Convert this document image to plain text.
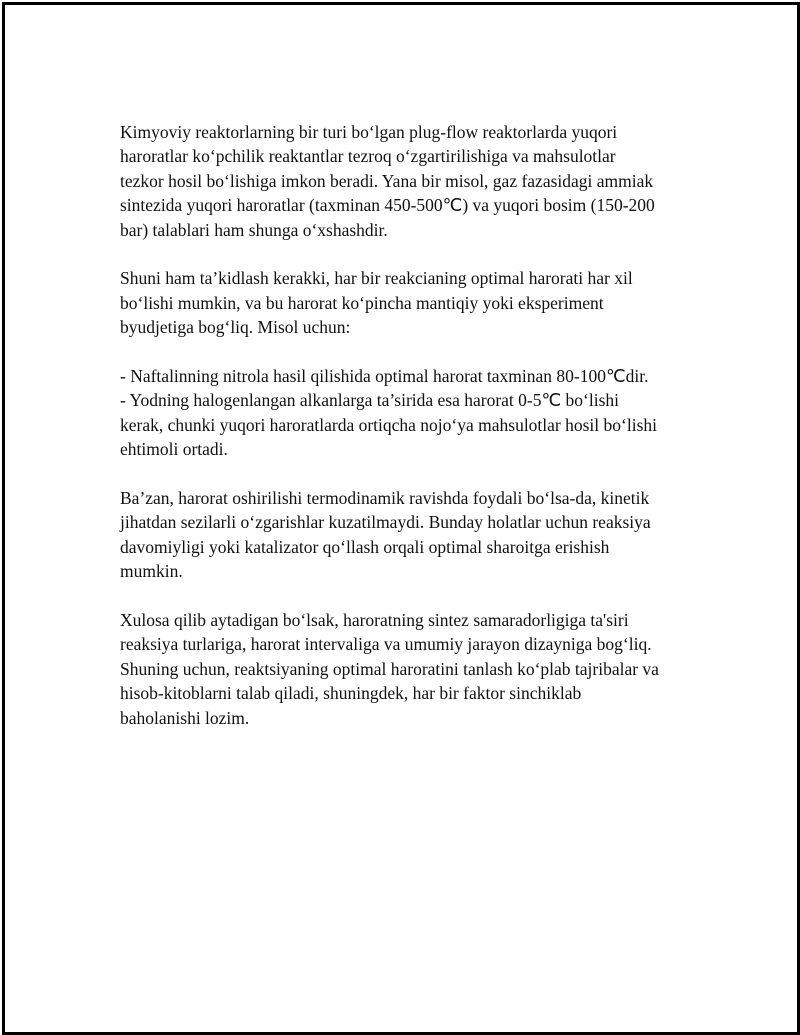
Kimyoviy reaktorlarning bir turi bo‘lgan plug-flow reaktorlarda yuqori
haroratlar ko‘pchilik reaktantlar tezroq o‘zgartirilishiga va mahsulotlar
tezkor hosil bo‘lishiga imkon beradi. Yana bir misol, gaz fazasidagi ammiak
sintezida yuqori haroratlar (taxminan 450-500℃) va yuqori bosim (150-200
bar) talablari ham shunga o‘xshashdir.

Shuni ham ta’kidlash kerakki, har bir reakcianing optimal harorati har xil
bo‘lishi mumkin, va bu harorat ko‘pincha mantiqiy yoki eksperiment
byudjetiga bog‘liq. Misol uchun:

- Naftalinning nitrola hasil qilishida optimal harorat taxminan 80-100℃dir.
- Yodning halogenlangan alkanlarga ta’sirida esa harorat 0-5℃ bo‘lishi
kerak, chunki yuqori haroratlarda ortiqcha nojo‘ya mahsulotlar hosil bo‘lishi
ehtimoli ortadi.

Ba’zan, harorat oshirilishi termodinamik ravishda foydali bo‘lsa-da, kinetik
jihatdan sezilarli o‘zgarishlar kuzatilmaydi. Bunday holatlar uchun reaksiya
davomiyligi yoki katalizator qo‘llash orqali optimal sharoitga erishish
mumkin.

Xulosa qilib aytadigan bo‘lsak, haroratning sintez samaradorligiga ta'siri
reaksiya turlariga, harorat intervaliga va umumiy jarayon dizayniga bog‘liq.
Shuning uchun, reaktsiyaning optimal haroratini tanlash ko‘plab tajribalar va
hisob-kitoblarni talab qiladi, shuningdek, har bir faktor sinchiklab
baholanishi lozim.
